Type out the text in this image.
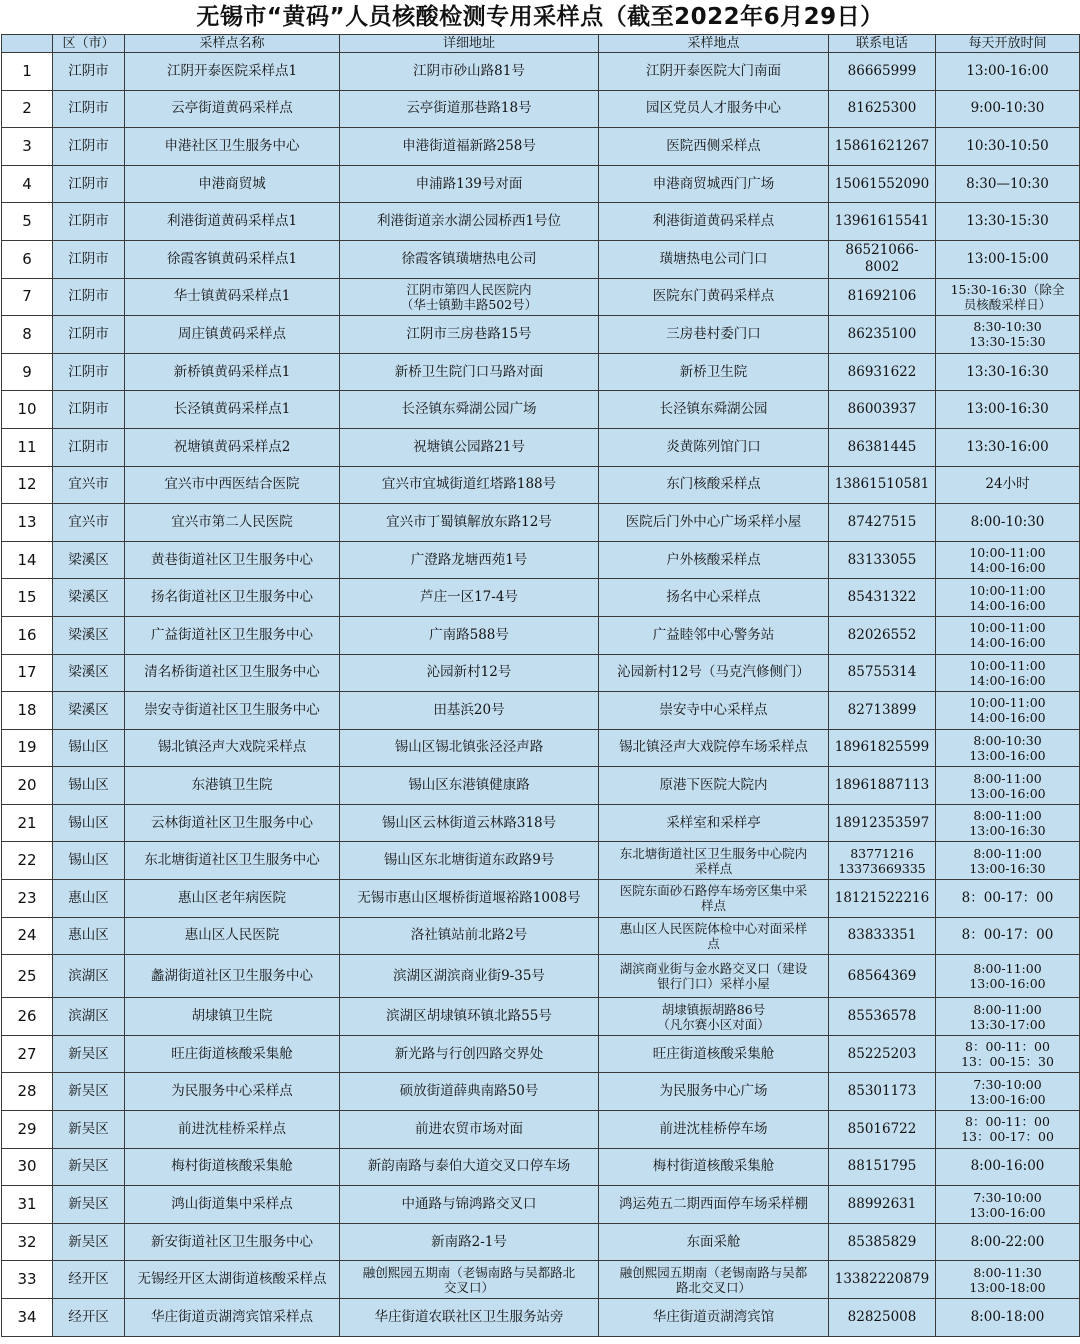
无锡市“黄码”人员核酸检测专用采样点（截至2022年6月29日）
	区（市）	采样点名称	详细地址	采样地点	联系电话	每天开放时间
1	江阴市	江阴开泰医院采样点1	江阴市砂山路81号	江阴开泰医院大门南面	86665999	13:00-16:00
2	江阴市	云亭街道黄码采样点	云亭街道那巷路18号	园区党员人才服务中心	81625300	9:00-10:30
3	江阴市	申港社区卫生服务中心	申港街道福新路258号	医院西侧采样点	15861621267	10:30-10:50
4	江阴市	申港商贸城	申浦路139号对面	申港商贸城西门广场	15061552090	8:30—10:30
5	江阴市	利港街道黄码采样点1	利港街道亲水湖公园桥西1号位	利港街道黄码采样点	13961615541	13:30-15:30
6	江阴市	徐霞客镇黄码采样点1	徐霞客镇璜塘热电公司	璜塘热电公司门口	86521066-8002	13:00-15:00
7	江阴市	华士镇黄码采样点1	江阴市第四人民医院内
（华士镇勤丰路502号）	医院东门黄码采样点	81692106	15:30-16:30（除全
员核酸采样日）
8	江阴市	周庄镇黄码采样点	江阴市三房巷路15号	三房巷村委门口	86235100	8:30-10:30
13:30-15:30
9	江阴市	新桥镇黄码采样点1	新桥卫生院门口马路对面	新桥卫生院	86931622	13:30-16:30
10	江阴市	长泾镇黄码采样点1	长泾镇东舜湖公园广场	长泾镇东舜湖公园	86003937	13:00-16:30
11	江阴市	祝塘镇黄码采样点2	祝塘镇公园路21号	炎黄陈列馆门口	86381445	13:30-16:00
12	宜兴市	宜兴市中西医结合医院	宜兴市宜城街道红塔路188号	东门核酸采样点	13861510581	24小时
13	宜兴市	宜兴市第二人民医院	宜兴市丁蜀镇解放东路12号	医院后门外中心广场采样小屋	87427515	8:00-10:30
14	梁溪区	黄巷街道社区卫生服务中心	广澄路龙塘西苑1号	户外核酸采样点	83133055	10:00-11:00
14:00-16:00
15	梁溪区	扬名街道社区卫生服务中心	芦庄一区17-4号	扬名中心采样点	85431322	10:00-11:00
14:00-16:00
16	梁溪区	广益街道社区卫生服务中心	广南路588号	广益睦邻中心警务站	82026552	10:00-11:00
14:00-16:00
17	梁溪区	清名桥街道社区卫生服务中心	沁园新村12号	沁园新村12号（马克汽修侧门）	85755314	10:00-11:00
14:00-16:00
18	梁溪区	崇安寺街道社区卫生服务中心	田基浜20号	崇安寺中心采样点	82713899	10:00-11:00
14:00-16:00
19	锡山区	锡北镇泾声大戏院采样点	锡山区锡北镇张泾泾声路	锡北镇泾声大戏院停车场采样点	18961825599	8:00-10:30
13:00-16:00
20	锡山区	东港镇卫生院	锡山区东港镇健康路	原港下医院大院内	18961887113	8:00-11:00
13:00-16:00
21	锡山区	云林街道社区卫生服务中心	锡山区云林街道云林路318号	采样室和采样亭	18912353597	8:00-11:00
13:00-16:30
22	锡山区	东北塘街道社区卫生服务中心	锡山区东北塘街道东政路9号	东北塘街道社区卫生服务中心院内
采样点	83771216
13373669335	8:00-11:00
13:00-16:30
23	惠山区	惠山区老年病医院	无锡市惠山区堰桥街道堰裕路1008号	医院东面砂石路停车场旁区集中采
样点	18121522216	8：00-17：00
24	惠山区	惠山区人民医院	洛社镇站前北路2号	惠山区人民医院体检中心对面采样
点	83833351	8：00-17：00
25	滨湖区	蠡湖街道社区卫生服务中心	滨湖区湖滨商业街9-35号	湖滨商业街与金水路交叉口（建设
银行门口）采样小屋	68564369	8:00-11:00
13:00-16:00
26	滨湖区	胡埭镇卫生院	滨湖区胡埭镇环镇北路55号	胡埭镇振胡路86号
（凡尔赛小区对面）	85536578	8:00-11:00
13:30-17:00
27	新吴区	旺庄街道核酸采集舱	新光路与行创四路交界处	旺庄街道核酸采集舱	85225203	8：00-11：00
13：00-15：30
28	新吴区	为民服务中心采样点	硕放街道薛典南路50号	为民服务中心广场	85301173	7:30-10:00
13:00-16:00
29	新吴区	前进沈桂桥采样点	前进农贸市场对面	前进沈桂桥停车场	85016722	8：00-11：00
13：00-17：00
30	新吴区	梅村街道核酸采集舱	新韵南路与泰伯大道交叉口停车场	梅村街道核酸采集舱	88151795	8:00-16:00
31	新吴区	鸿山街道集中采样点	中通路与锦鸿路交叉口	鸿运苑五二期西面停车场采样棚	88992631	7:30-10:00
13:00-16:00
32	新吴区	新安街道社区卫生服务中心	新南路2-1号	东面采舱	85385829	8:00-22:00
33	经开区	无锡经开区太湖街道核酸采样点	融创熙园五期南（老锡南路与吴都路北
交叉口）	融创熙园五期南（老锡南路与吴都
路北交叉口）	13382220879	8:00-11:30
13:00-18:00
34	经开区	华庄街道贡湖湾宾馆采样点	华庄街道农联社区卫生服务站旁	华庄街道贡湖湾宾馆	82825008	8:00-18:00
